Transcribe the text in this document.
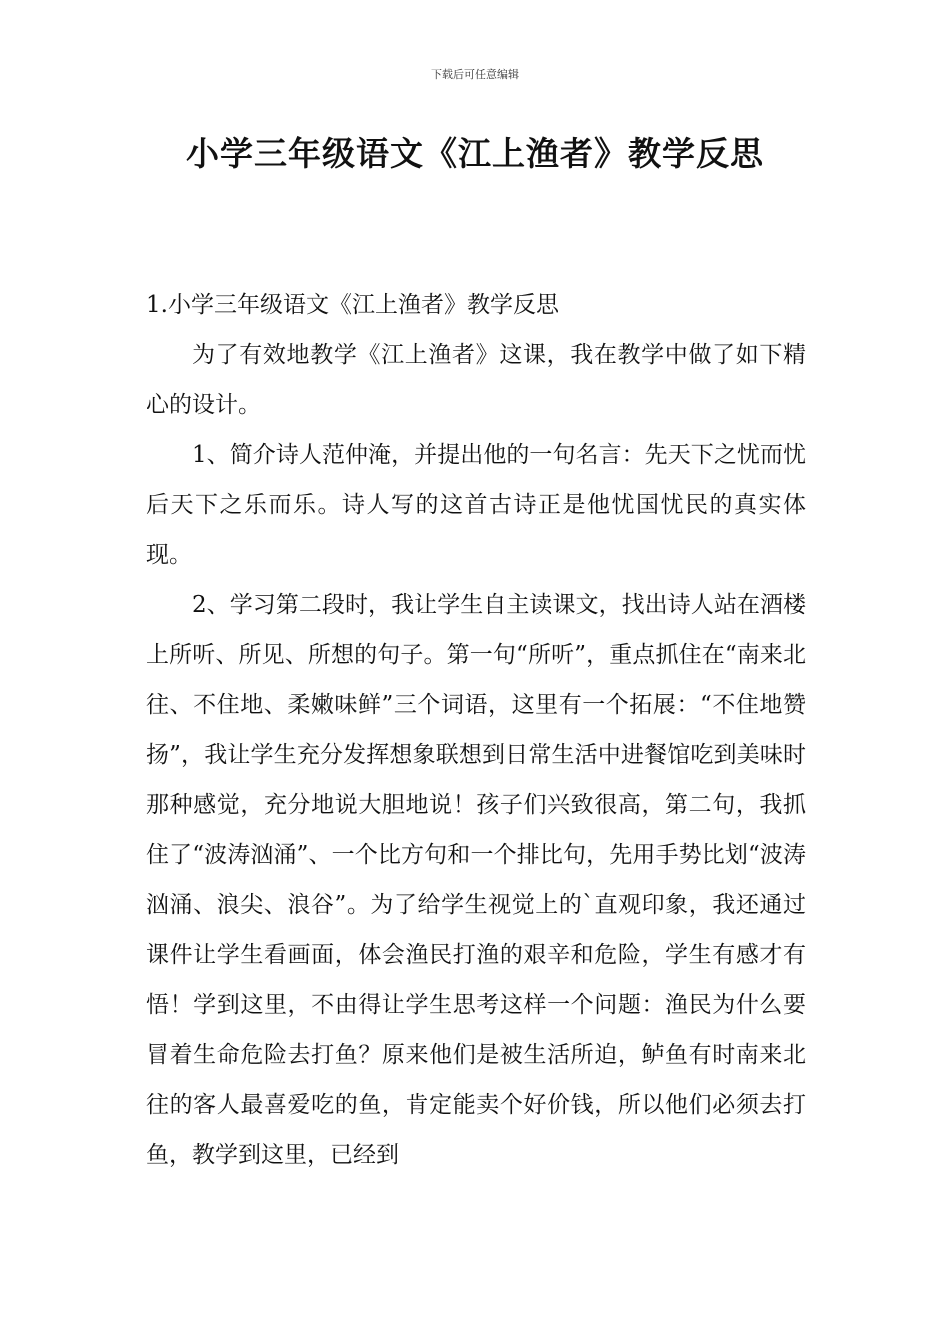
下载后可任意编辑
小学三年级语文《江上渔者》教学反思

1.小学三年级语文《江上渔者》教学反思

为了有效地教学《江上渔者》这课，我在教学中做了如下精心的设计。

1、简介诗人范仲淹，并提出他的一句名言：先天下之忧而忧后天下之乐而乐。诗人写的这首古诗正是他忧国忧民的真实体现。

2、学习第二段时，我让学生自主读课文，找出诗人站在酒楼上所听、所见、所想的句子。第一句“所听”，重点抓住在“南来北往、不住地、柔嫩味鲜”三个词语，这里有一个拓展：“不住地赞扬”，我让学生充分发挥想象联想到日常生活中进餐馆吃到美味时那种感觉，充分地说大胆地说！孩子们兴致很高，第二句，我抓住了“波涛汹涌”、一个比方句和一个排比句，先用手势比划“波涛汹涌、浪尖、浪谷”。为了给学生视觉上的`直观印象，我还通过课件让学生看画面，体会渔民打渔的艰辛和危险，学生有感才有悟！学到这里，不由得让学生思考这样一个问题：渔民为什么要冒着生命危险去打鱼？原来他们是被生活所迫，鲈鱼有时南来北往的客人最喜爱吃的鱼，肯定能卖个好价钱，所以他们必须去打鱼，教学到这里，已经到
